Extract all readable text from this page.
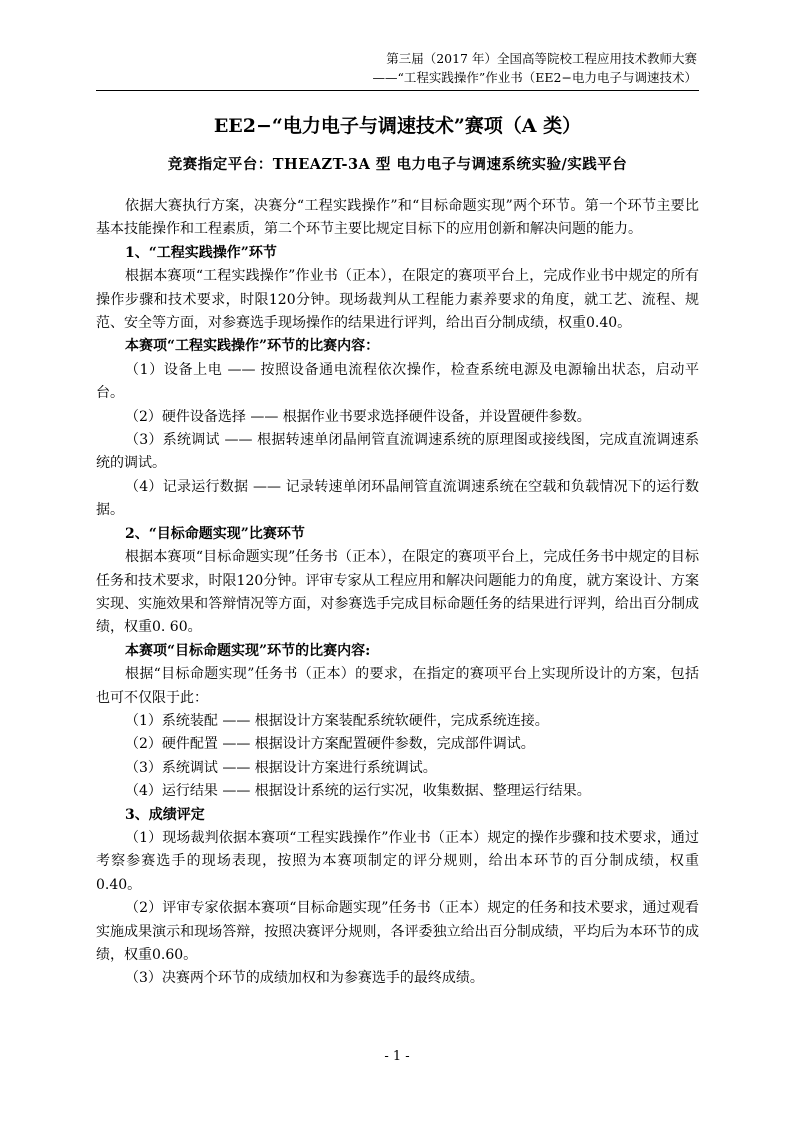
第三届（2017 年）全国高等院校工程应用技术教师大赛
——“工程实践操作”作业书（EE2−电力电子与调速技术）
EE2−“电力电子与调速技术”赛项（A 类）
竞赛指定平台：THEAZT-3A 型 电力电子与调速系统实验/实践平台

依据大赛执行方案，决赛分“工程实践操作”和“目标命题实现”两个环节。第一个环节主要比基本技能操作和工程素质，第二个环节主要比规定目标下的应用创新和解决问题的能力。

1、“工程实践操作”环节

根据本赛项“工程实践操作”作业书（正本），在限定的赛项平台上，完成作业书中规定的所有操作步骤和技术要求，时限120分钟。现场裁判从工程能力素养要求的角度，就工艺、流程、规范、安全等方面，对参赛选手现场操作的结果进行评判，给出百分制成绩，权重0.40。

本赛项“工程实践操作”环节的比赛内容：

（1）设备上电 —— 按照设备通电流程依次操作，检查系统电源及电源输出状态，启动平台。

（2）硬件设备选择 —— 根据作业书要求选择硬件设备，并设置硬件参数。

（3）系统调试 —— 根据转速单闭晶闸管直流调速系统的原理图或接线图，完成直流调速系统的调试。

（4）记录运行数据 —— 记录转速单闭环晶闸管直流调速系统在空载和负载情况下的运行数据。

2、“目标命题实现”比赛环节

根据本赛项“目标命题实现”任务书（正本），在限定的赛项平台上，完成任务书中规定的目标任务和技术要求，时限120分钟。评审专家从工程应用和解决问题能力的角度，就方案设计、方案实现、实施效果和答辩情况等方面，对参赛选手完成目标命题任务的结果进行评判，给出百分制成绩，权重0. 60。

本赛项“目标命题实现”环节的比赛内容:

根据“目标命题实现”任务书（正本）的要求，在指定的赛项平台上实现所设计的方案，包括也可不仅限于此：

（1）系统装配 —— 根据设计方案装配系统软硬件，完成系统连接。

（2）硬件配置 —— 根据设计方案配置硬件参数，完成部件调试。

（3）系统调试 —— 根据设计方案进行系统调试。

（4）运行结果 —— 根据设计系统的运行实况，收集数据、整理运行结果。

3、成绩评定

（1）现场裁判依据本赛项“工程实践操作”作业书（正本）规定的操作步骤和技术要求，通过考察参赛选手的现场表现，按照为本赛项制定的评分规则，给出本环节的百分制成绩，权重0.40。

（2）评审专家依据本赛项“目标命题实现”任务书（正本）规定的任务和技术要求，通过观看实施成果演示和现场答辩，按照决赛评分规则，各评委独立给出百分制成绩，平均后为本环节的成绩，权重0.60。

（3）决赛两个环节的成绩加权和为参赛选手的最终成绩。

- 1 -
